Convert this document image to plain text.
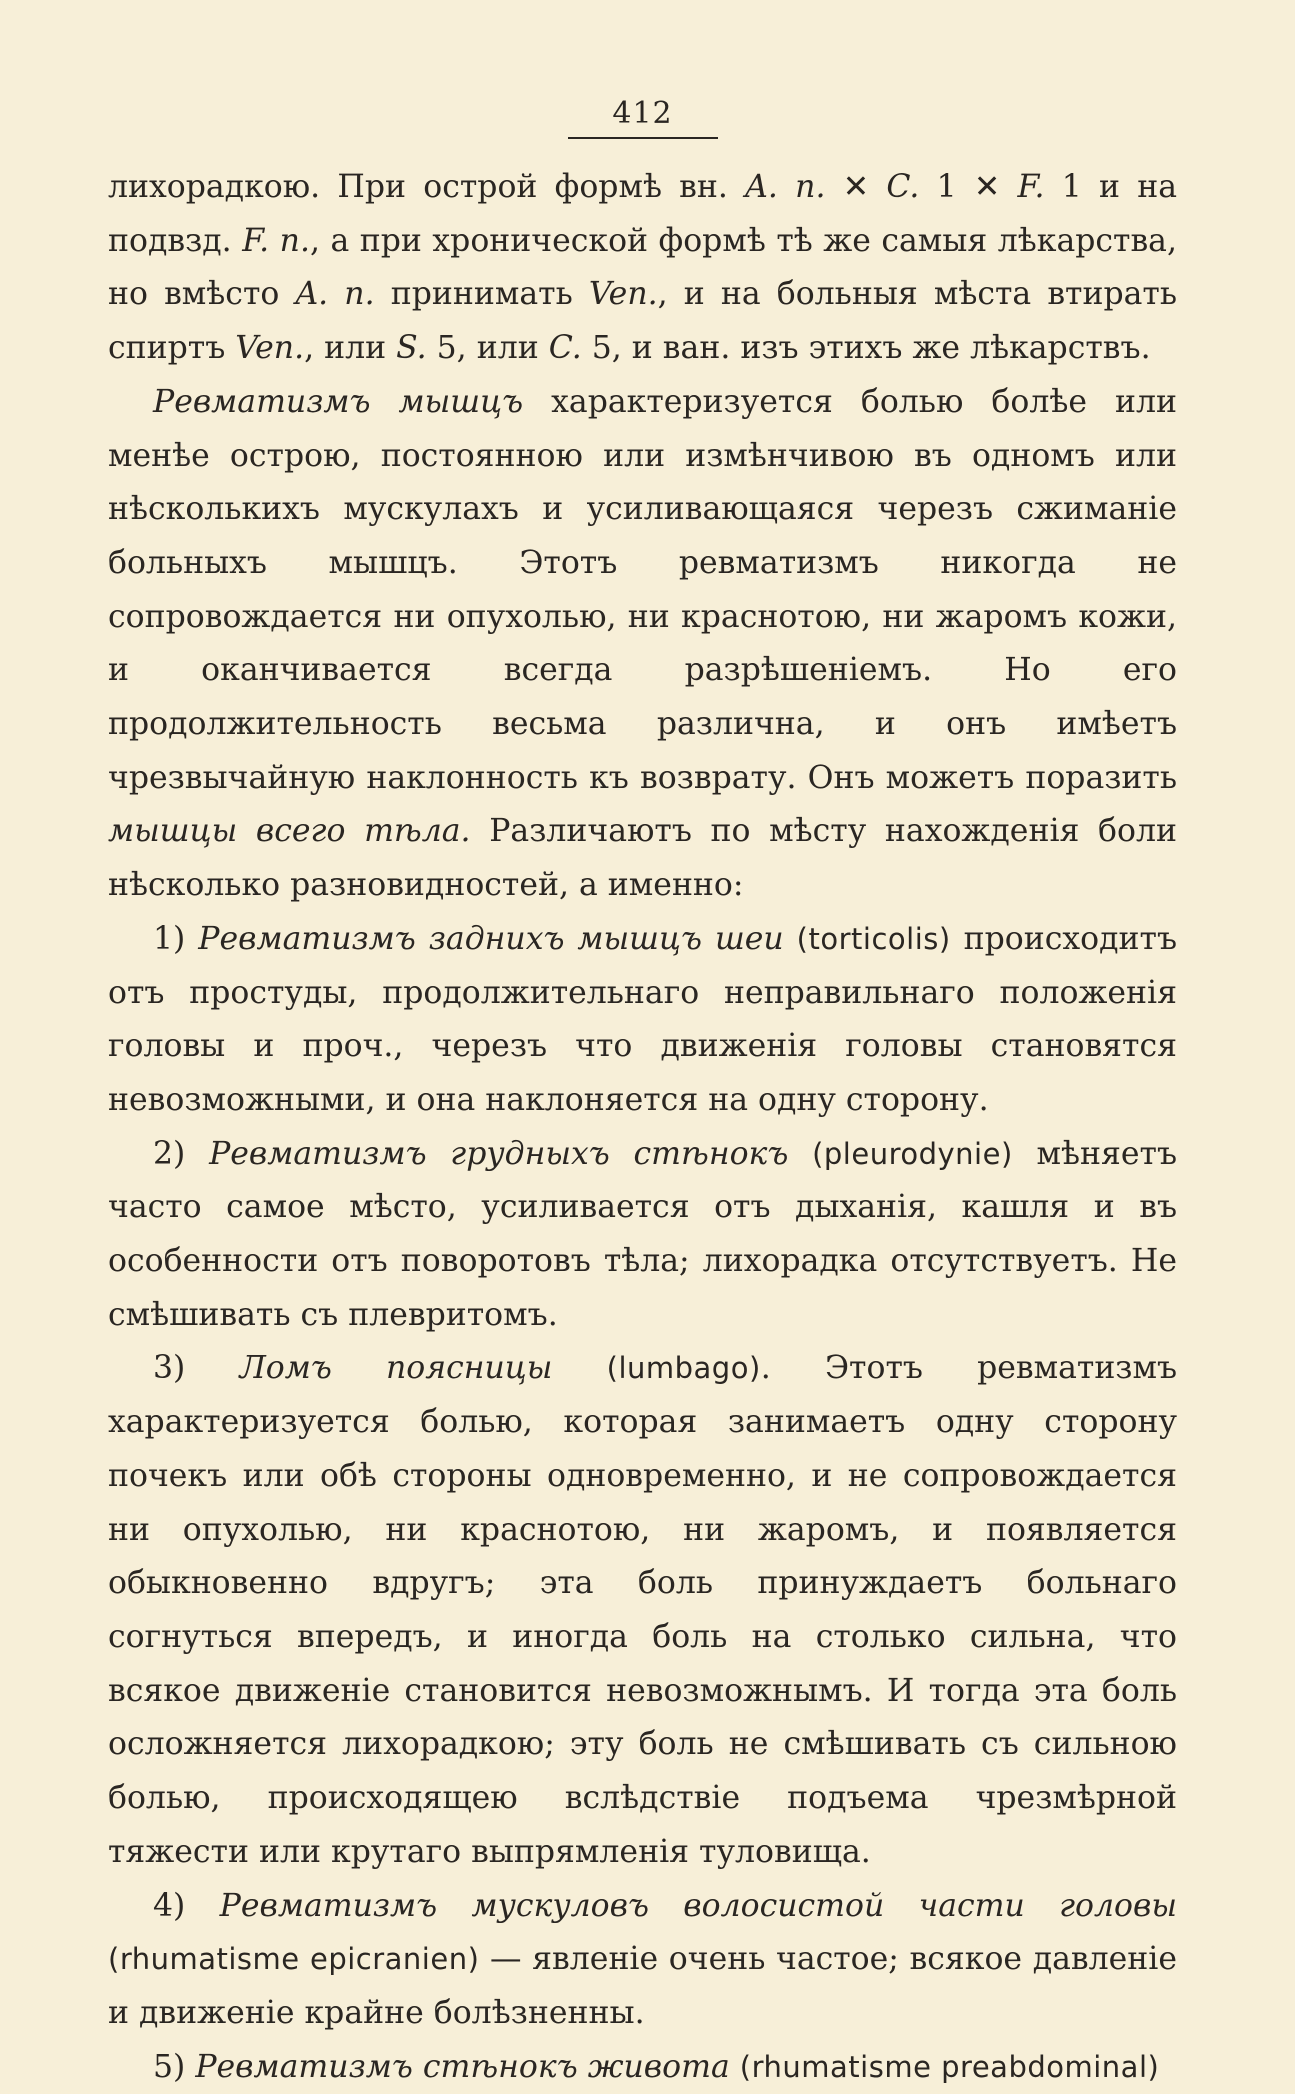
412

лихорадкою. При острой формѣ вн. A. n. ✕ C. 1 ✕ F. 1 и на подвзд. F. n., а при хронической формѣ тѣ же самыя лѣкарства, но вмѣсто A. n. принимать Ven., и на больныя мѣста втирать спиртъ Ven., или S. 5, или C. 5, и ван. изъ этихъ же лѣкарствъ.

Ревматизмъ мышцъ характеризуется болью болѣе или менѣе острою, постоянною или измѣнчивою въ одномъ или нѣсколькихъ мускулахъ и усиливающаяся черезъ сжиманіе больныхъ мышцъ. Этотъ ревматизмъ никогда не сопровождается ни опухолью, ни краснотою, ни жаромъ кожи, и оканчивается всегда разрѣшеніемъ. Но его продолжительность весьма различна, и онъ имѣетъ чрезвычайную наклонность къ возврату. Онъ можетъ поразить мышцы всего тѣла. Различаютъ по мѣсту нахожденія боли нѣсколько разновидностей, а именно:

1) Ревматизмъ заднихъ мышцъ шеи (torticolis) происходитъ отъ простуды, продолжительнаго неправильнаго положенія головы и проч., черезъ что движенія головы становятся невозможными, и она наклоняется на одну сторону.

2) Ревматизмъ грудныхъ стѣнокъ (pleurodynie) мѣняетъ часто самое мѣсто, усиливается отъ дыханія, кашля и въ особенности отъ поворотовъ тѣла; лихорадка отсутствуетъ. Не смѣшивать съ плевритомъ.

3) Ломъ поясницы (lumbago). Этотъ ревматизмъ характеризуется болью, которая занимаетъ одну сторону почекъ или обѣ стороны одновременно, и не сопровождается ни опухолью, ни краснотою, ни жаромъ, и появляется обыкновенно вдругъ; эта боль принуждаетъ больнаго согнуться впередъ, и иногда боль на столько сильна, что всякое движеніе становится невозможнымъ. И тогда эта боль осложняется лихорадкою; эту боль не смѣшивать съ сильною болью, происходящею вслѣдствіе подъема чрезмѣрной тяжести или крутаго выпрямленія туловища.

4) Ревматизмъ мускуловъ волосистой части головы (rhumatisme epicranien) — явленіе очень частое; всякое давленіе и движеніе крайне болѣзненны.

5) Ревматизмъ стѣнокъ живота (rhumatisme preabdominal)
